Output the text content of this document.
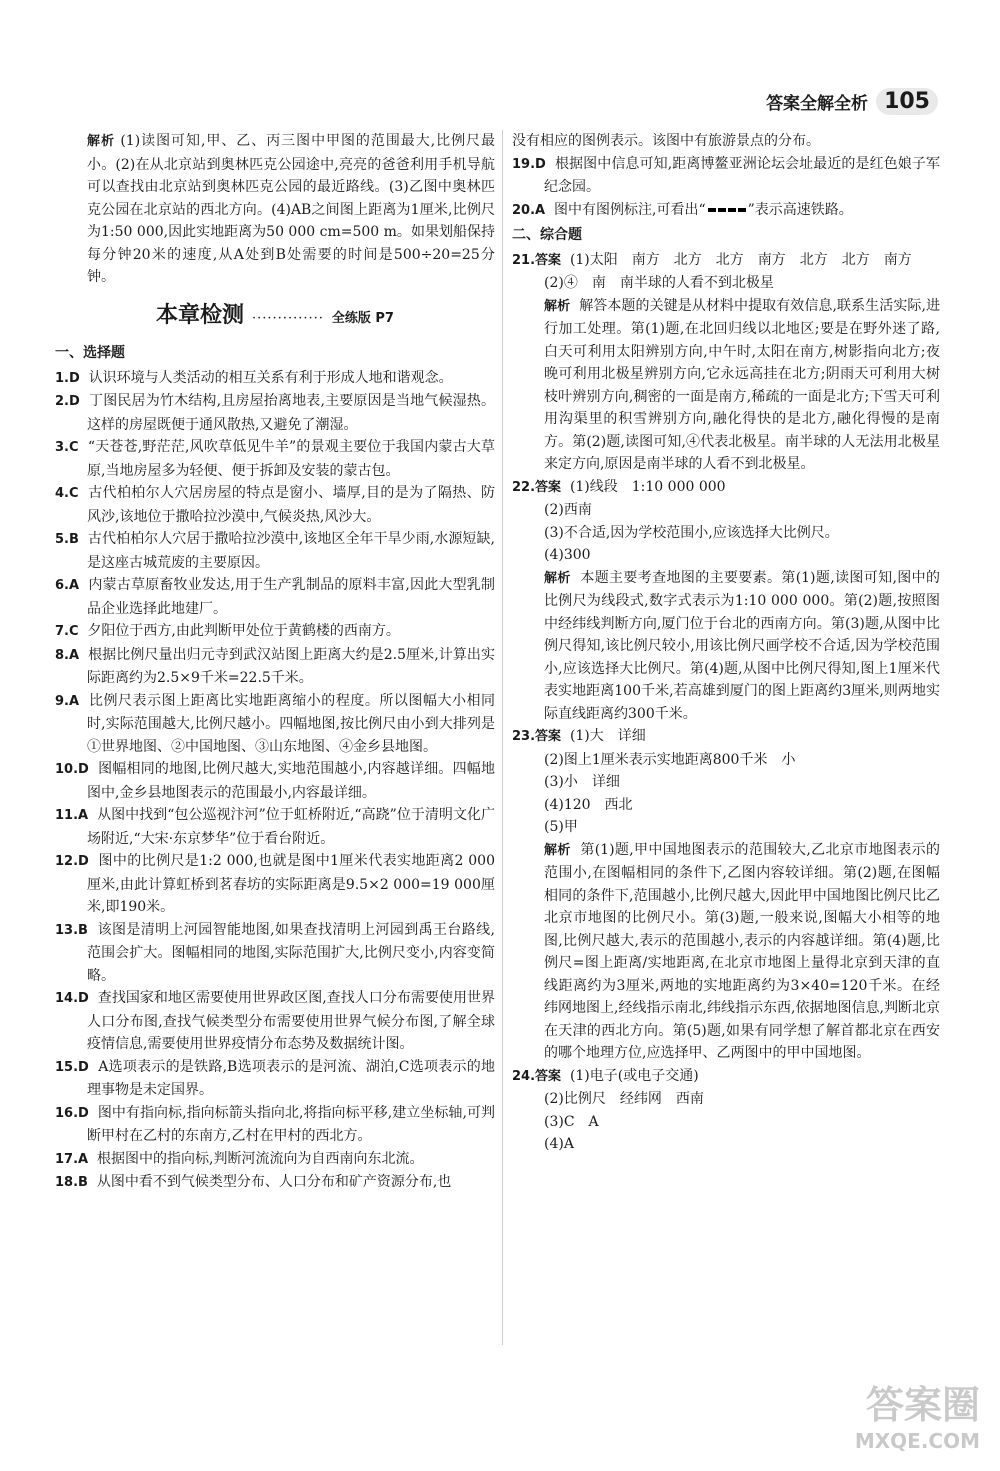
答案全解全析 105

解析 (1)读图可知,甲、乙、丙三图中甲图的范围最大,比例尺最小。(2)在从北京站到奥林匹克公园途中,亮亮的爸爸利用手机导航可以查找由北京站到奥林匹克公园的最近路线。(3)乙图中奥林匹克公园在北京站的西北方向。(4)AB之间图上距离为1厘米,比例尺为1:50 000,因此实地距离为50 000 cm=500 m。如果划船保持每分钟20米的速度,从A处到B处需要的时间是500÷20=25分钟。

本章检测 ·············· 全练版 P7
一、选择题

1.D 认识环境与人类活动的相互关系有利于形成人地和谐观念。

2.D 丁图民居为竹木结构,且房屋抬离地表,主要原因是当地气候湿热。这样的房屋既便于通风散热,又避免了潮湿。

3.C “天苍苍,野茫茫,风吹草低见牛羊”的景观主要位于我国内蒙古大草原,当地房屋多为轻便、便于拆卸及安装的蒙古包。

4.C 古代柏柏尔人穴居房屋的特点是窗小、墙厚,目的是为了隔热、防风沙,该地位于撒哈拉沙漠中,气候炎热,风沙大。

5.B 古代柏柏尔人穴居于撒哈拉沙漠中,该地区全年干旱少雨,水源短缺,是这座古城荒废的主要原因。

6.A 内蒙古草原畜牧业发达,用于生产乳制品的原料丰富,因此大型乳制品企业选择此地建厂。

7.C 夕阳位于西方,由此判断甲处位于黄鹤楼的西南方。

8.A 根据比例尺量出归元寺到武汉站图上距离大约是2.5厘米,计算出实际距离约为2.5×9千米=22.5千米。

9.A 比例尺表示图上距离比实地距离缩小的程度。所以图幅大小相同时,实际范围越大,比例尺越小。四幅地图,按比例尺由小到大排列是①世界地图、②中国地图、③山东地图、④金乡县地图。

10.D 图幅相同的地图,比例尺越大,实地范围越小,内容越详细。四幅地图中,金乡县地图表示的范围最小,内容最详细。

11.A 从图中找到“包公巡视汴河”位于虹桥附近,“高跷”位于清明文化广场附近,“大宋·东京梦华”位于看台附近。

12.D 图中的比例尺是1:2 000,也就是图中1厘米代表实地距离2 000厘米,由此计算虹桥到茗春坊的实际距离是9.5×2 000=19 000厘米,即190米。

13.B 该图是清明上河园智能地图,如果查找清明上河园到禹王台路线,范围会扩大。图幅相同的地图,实际范围扩大,比例尺变小,内容变简略。

14.D 查找国家和地区需要使用世界政区图,查找人口分布需要使用世界人口分布图,查找气候类型分布需要使用世界气候分布图,了解全球疫情信息,需要使用世界疫情分布态势及数据统计图。

15.D A选项表示的是铁路,B选项表示的是河流、湖泊,C选项表示的地理事物是未定国界。

16.D 图中有指向标,指向标箭头指向北,将指向标平移,建立坐标轴,可判断甲村在乙村的东南方,乙村在甲村的西北方。

17.A 根据图中的指向标,判断河流流向为自西南向东北流。

18.B 从图中看不到气候类型分布、人口分布和矿产资源分布,也

没有相应的图例表示。该图中有旅游景点的分布。

19.D 根据图中信息可知,距离博鳌亚洲论坛会址最近的是红色娘子军纪念园。

20.A 图中有图例标注,可看出“	”表示高速铁路。

二、综合题

21.答案 (1)太阳　南方　北方　北方　南方　北方　北方　南方

(2)④　南　南半球的人看不到北极星

解析 解答本题的关键是从材料中提取有效信息,联系生活实际,进行加工处理。第(1)题,在北回归线以北地区;要是在野外迷了路,白天可利用太阳辨别方向,中午时,太阳在南方,树影指向北方;夜晚可利用北极星辨别方向,它永远高挂在北方;阴雨天可利用大树枝叶辨别方向,稠密的一面是南方,稀疏的一面是北方;下雪天可利用沟渠里的积雪辨别方向,融化得快的是北方,融化得慢的是南方。第(2)题,读图可知,④代表北极星。南半球的人无法用北极星来定方向,原因是南半球的人看不到北极星。

22.答案 (1)线段　1:10 000 000

(2)西南

(3)不合适,因为学校范围小,应该选择大比例尺。

(4)300

解析 本题主要考查地图的主要要素。第(1)题,读图可知,图中的比例尺为线段式,数字式表示为1:10 000 000。第(2)题,按照图中经纬线判断方向,厦门位于台北的西南方向。第(3)题,从图中比例尺得知,该比例尺较小,用该比例尺画学校不合适,因为学校范围小,应该选择大比例尺。第(4)题,从图中比例尺得知,图上1厘米代表实地距离100千米,若高雄到厦门的图上距离约3厘米,则两地实际直线距离约300千米。

23.答案 (1)大　详细

(2)图上1厘米表示实地距离800千米　小

(3)小　详细

(4)120　西北

(5)甲

解析 第(1)题,甲中国地图表示的范围较大,乙北京市地图表示的范围小,在图幅相同的条件下,乙图内容较详细。第(2)题,在图幅相同的条件下,范围越小,比例尺越大,因此甲中国地图比例尺比乙北京市地图的比例尺小。第(3)题,一般来说,图幅大小相等的地图,比例尺越大,表示的范围越小,表示的内容越详细。第(4)题,比例尺=图上距离/实地距离,在北京市地图上量得北京到天津的直线距离约为3厘米,两地的实地距离约为3×40=120千米。在经纬网地图上,经线指示南北,纬线指示东西,依据地图信息,判断北京在天津的西北方向。第(5)题,如果有同学想了解首都北京在西安的哪个地理方位,应选择甲、乙两图中的甲中国地图。

24.答案 (1)电子(或电子交通)

(2)比例尺　经纬网　西南

(3)C　A

(4)A

答案圈
MXQE.COM
